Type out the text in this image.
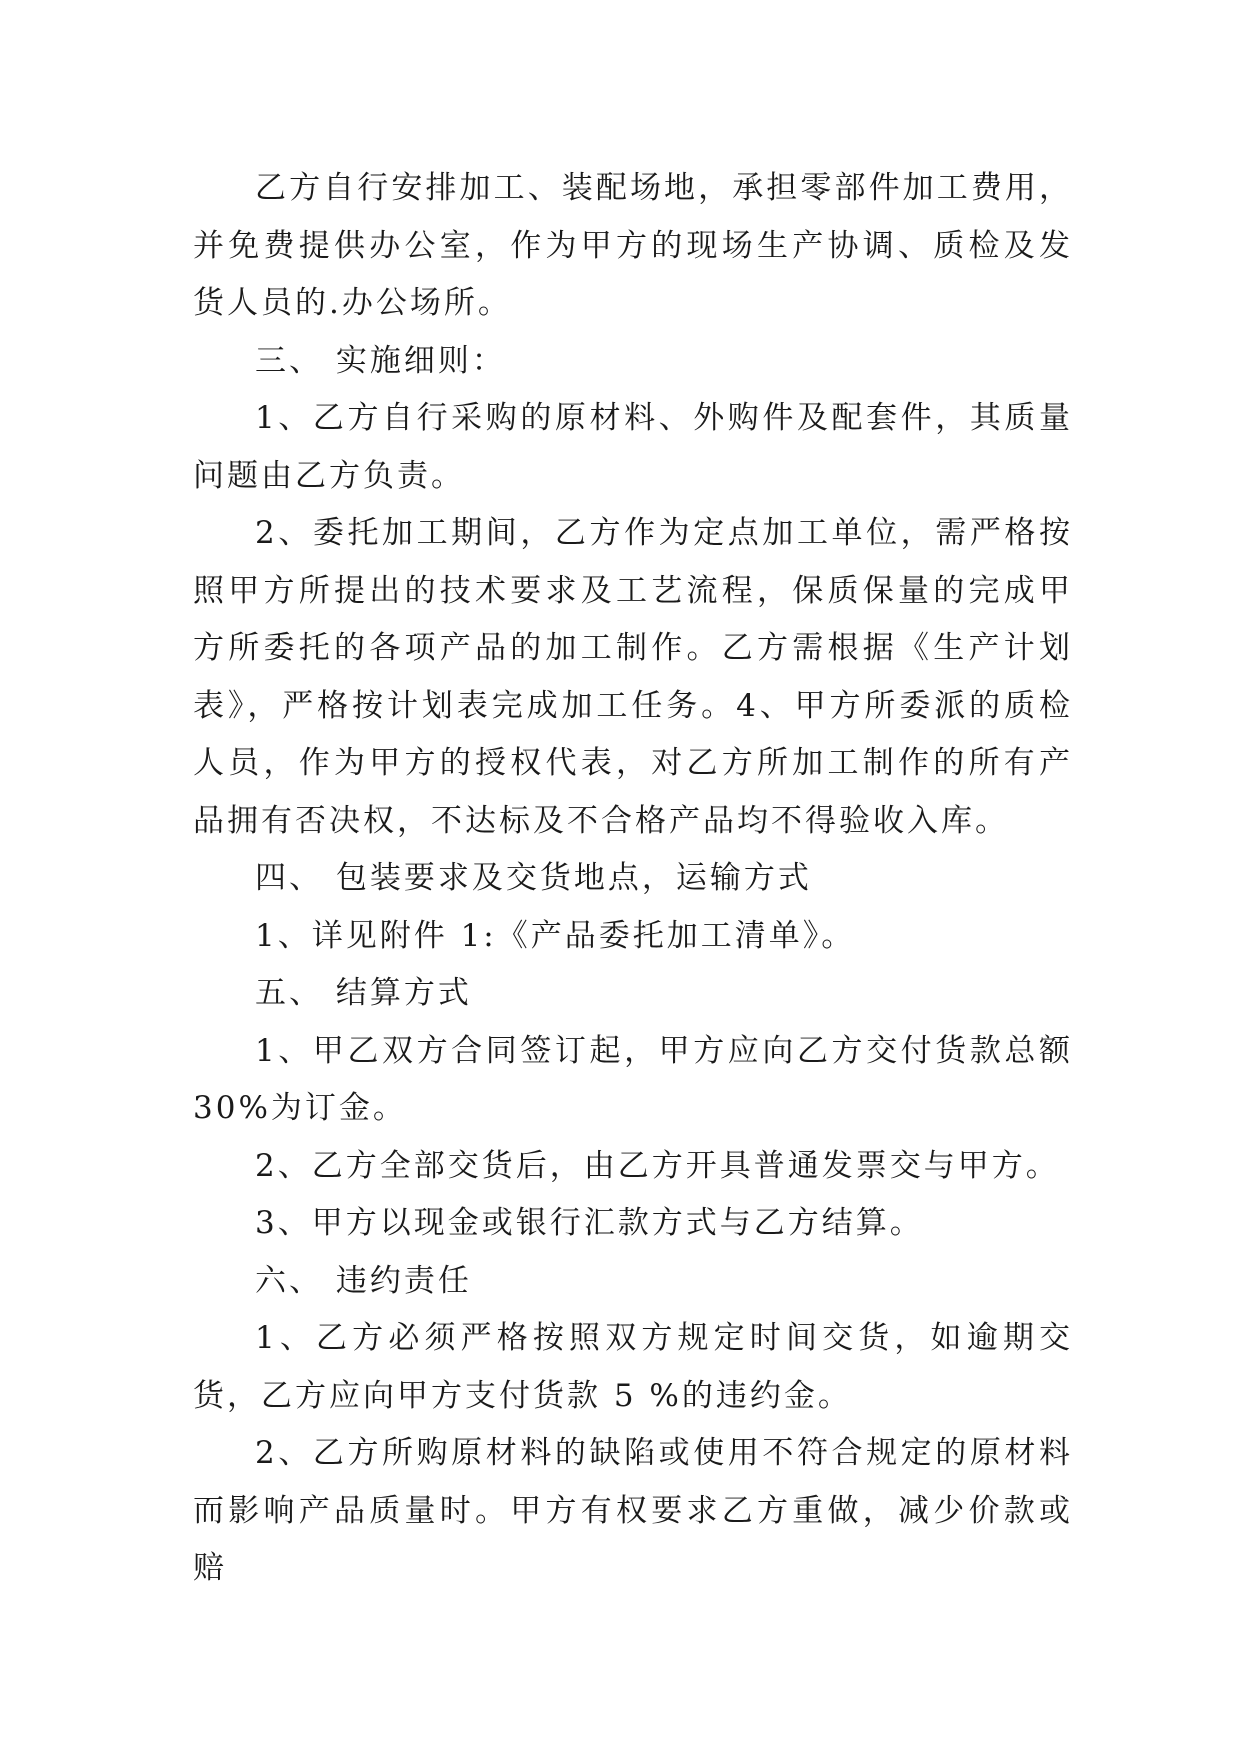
乙方自行安排加工、装配场地，承担零部件加工费用，并免费提供办公室，作为甲方的现场生产协调、质检及发货人员的.办公场所。

三、 实施细则：

1、乙方自行采购的原材料、外购件及配套件，其质量问题由乙方负责。

2、委托加工期间，乙方作为定点加工单位，需严格按照甲方所提出的技术要求及工艺流程，保质保量的完成甲方所委托的各项产品的加工制作。乙方需根据《生产计划表》，严格按计划表完成加工任务。4、甲方所委派的质检人员，作为甲方的授权代表，对乙方所加工制作的所有产品拥有否决权，不达标及不合格产品均不得验收入库。

四、 包装要求及交货地点，运输方式

1、详见附件 1:《产品委托加工清单》。

五、 结算方式

1、甲乙双方合同签订起，甲方应向乙方交付货款总额30%为订金。

2、乙方全部交货后，由乙方开具普通发票交与甲方。

3、甲方以现金或银行汇款方式与乙方结算。

六、 违约责任

1、乙方必须严格按照双方规定时间交货，如逾期交货，乙方应向甲方支付货款 5 %的违约金。

2、乙方所购原材料的缺陷或使用不符合规定的原材料而影响产品质量时。甲方有权要求乙方重做，减少价款或赔
